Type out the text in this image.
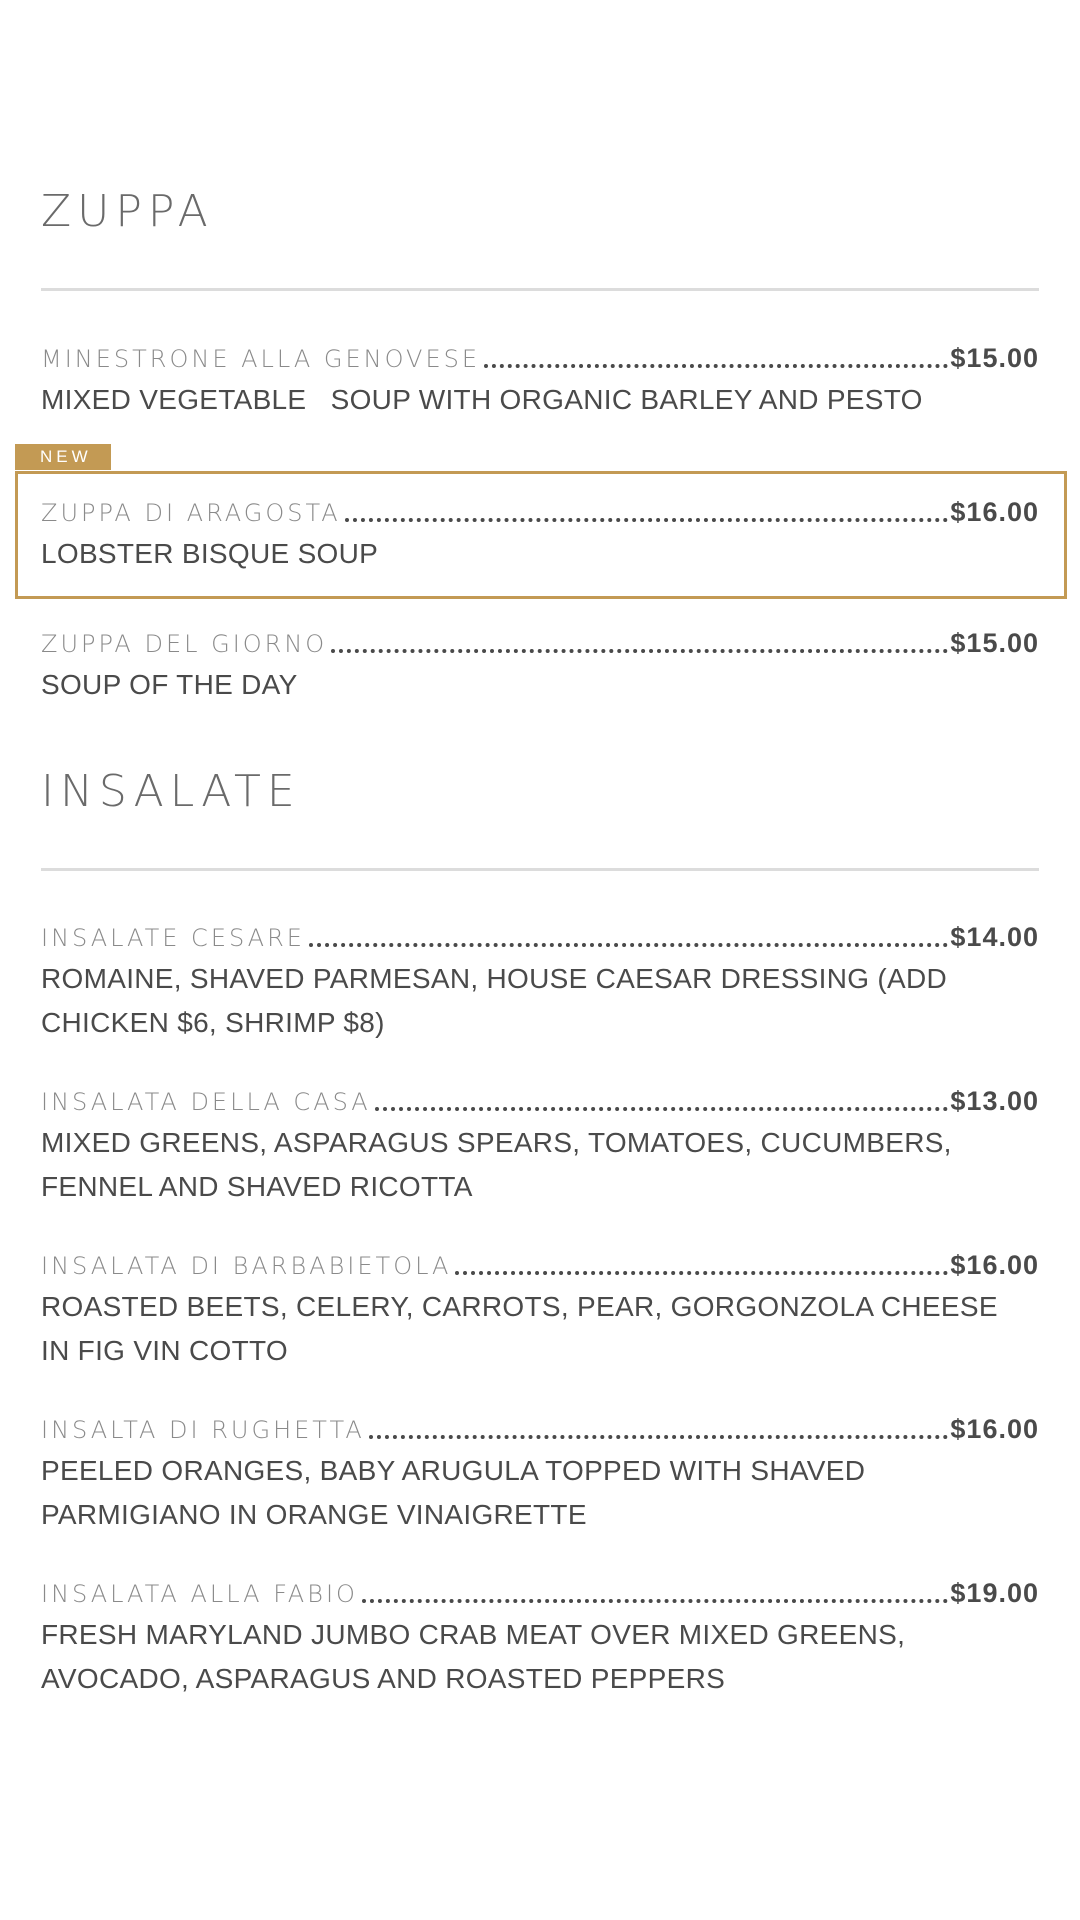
ZUPPA
MINESTRONE ALLA GENOVESE	$15.00
MIXED VEGETABLE   SOUP WITH ORGANIC BARLEY AND PESTO
NEW
ZUPPA DI ARAGOSTA	$16.00
LOBSTER BISQUE SOUP
ZUPPA DEL GIORNO	$15.00
SOUP OF THE DAY
INSALATE
INSALATE CESARE	$14.00
ROMAINE, SHAVED PARMESAN, HOUSE CAESAR DRESSING (ADD CHICKEN $6, SHRIMP $8)
INSALATA DELLA CASA	$13.00
MIXED GREENS, ASPARAGUS SPEARS, TOMATOES, CUCUMBERS, FENNEL AND SHAVED RICOTTA
INSALATA DI BARBABIETOLA	$16.00
ROASTED BEETS, CELERY, CARROTS, PEAR, GORGONZOLA CHEESE IN FIG VIN COTTO
INSALTA DI RUGHETTA	$16.00
PEELED ORANGES, BABY ARUGULA TOPPED WITH SHAVED PARMIGIANO IN ORANGE VINAIGRETTE
INSALATA ALLA FABIO	$19.00
FRESH MARYLAND JUMBO CRAB MEAT OVER MIXED GREENS, AVOCADO, ASPARAGUS AND ROASTED PEPPERS
